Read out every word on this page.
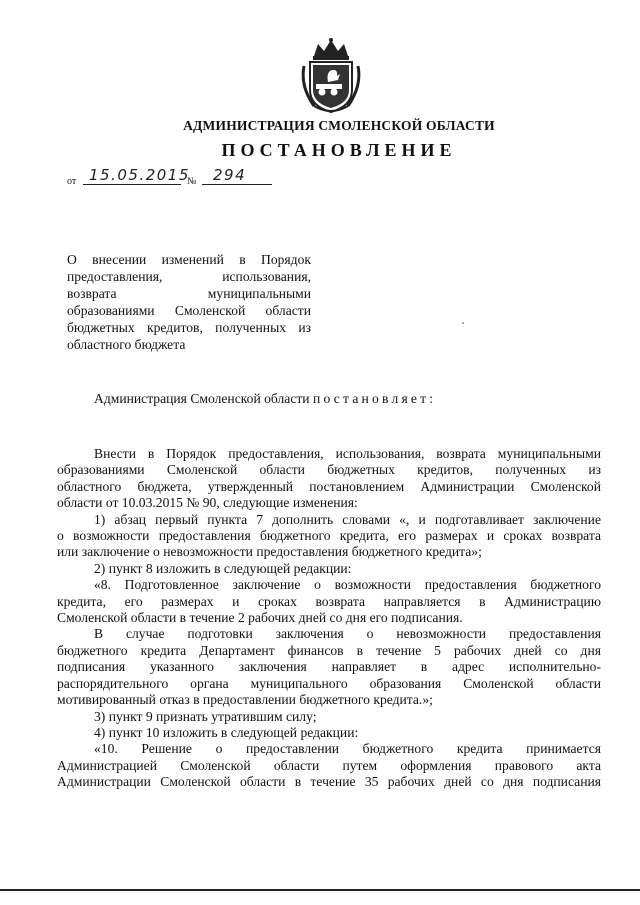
АДМИНИСТРАЦИЯ СМОЛЕНСКОЙ ОБЛАСТИ
ПОСТАНОВЛЕНИЕ
от 15.05.2015
№ 294
О внесении изменений в Порядок
предоставления, использования,
возврата муниципальными
образованиями Смоленской области
бюджетных кредитов, полученных из
областного бюджета
Администрация Смоленской области постановляет:
Внести в Порядок предоставления, использования, возврата муниципальными
образованиями Смоленской области бюджетных кредитов, полученных из
областного бюджета, утвержденный постановлением Администрации Смоленской
области от 10.03.2015 № 90, следующие изменения:
1) абзац первый пункта 7 дополнить словами «, и подготавливает заключение
о возможности предоставления бюджетного кредита, его размерах и сроках возврата
или заключение о невозможности предоставления бюджетного кредита»;
2) пункт 8 изложить в следующей редакции:
«8. Подготовленное заключение о возможности предоставления бюджетного
кредита, его размерах и сроках возврата направляется в Администрацию
Смоленской области в течение 2 рабочих дней со дня его подписания.
В случае подготовки заключения о невозможности предоставления
бюджетного кредита Департамент финансов в течение 5 рабочих дней со дня
подписания указанного заключения направляет в адрес исполнительно-
распорядительного органа муниципального образования Смоленской области
мотивированный отказ в предоставлении бюджетного кредита.»;
3) пункт 9 признать утратившим силу;
4) пункт 10 изложить в следующей редакции:
«10. Решение о предоставлении бюджетного кредита принимается
Администрацией Смоленской области путем оформления правового акта
Администрации Смоленской области в течение 35 рабочих дней со дня подписания
